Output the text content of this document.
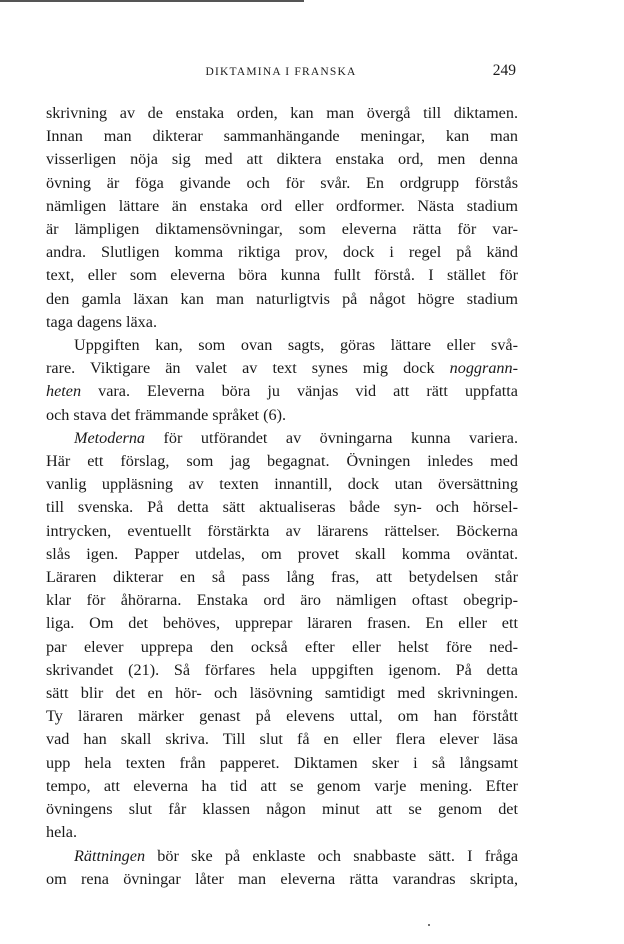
DIKTAMINA I FRANSKA	249

skrivning av de enstaka orden, kan man övergå till diktamen.
Innan man dikterar sammanhängande meningar, kan man
visserligen nöja sig med att diktera enstaka ord, men denna
övning är föga givande och för svår. En ordgrupp förstås
nämligen lättare än enstaka ord eller ordformer. Nästa stadium
är lämpligen diktamensövningar, som eleverna rätta för var-
andra. Slutligen komma riktiga prov, dock i regel på känd
text, eller som eleverna böra kunna fullt förstå. I stället för
den gamla läxan kan man naturligtvis på något högre stadium
taga dagens läxa.

Uppgiften kan, som ovan sagts, göras lättare eller svå-
rare. Viktigare än valet av text synes mig dock noggrann-
heten vara. Eleverna böra ju vänjas vid att rätt uppfatta
och stava det främmande språket (6).

Metoderna för utförandet av övningarna kunna variera.
Här ett förslag, som jag begagnat. Övningen inledes med
vanlig uppläsning av texten innantill, dock utan översättning
till svenska. På detta sätt aktualiseras både syn- och hörsel-
intrycken, eventuellt förstärkta av lärarens rättelser. Böckerna
slås igen. Papper utdelas, om provet skall komma oväntat.
Läraren dikterar en så pass lång fras, att betydelsen står
klar för åhörarna. Enstaka ord äro nämligen oftast obegrip-
liga. Om det behöves, upprepar läraren frasen. En eller ett
par elever upprepa den också efter eller helst före ned-
skrivandet (21). Så förfares hela uppgiften igenom. På detta
sätt blir det en hör- och läsövning samtidigt med skrivningen.
Ty läraren märker genast på elevens uttal, om han förstått
vad han skall skriva. Till slut få en eller flera elever läsa
upp hela texten från papperet. Diktamen sker i så långsamt
tempo, att eleverna ha tid att se genom varje mening. Efter
övningens slut får klassen någon minut att se genom det
hela.

Rättningen bör ske på enklaste och snabbaste sätt. I fråga
om rena övningar låter man eleverna rätta varandras skripta,
